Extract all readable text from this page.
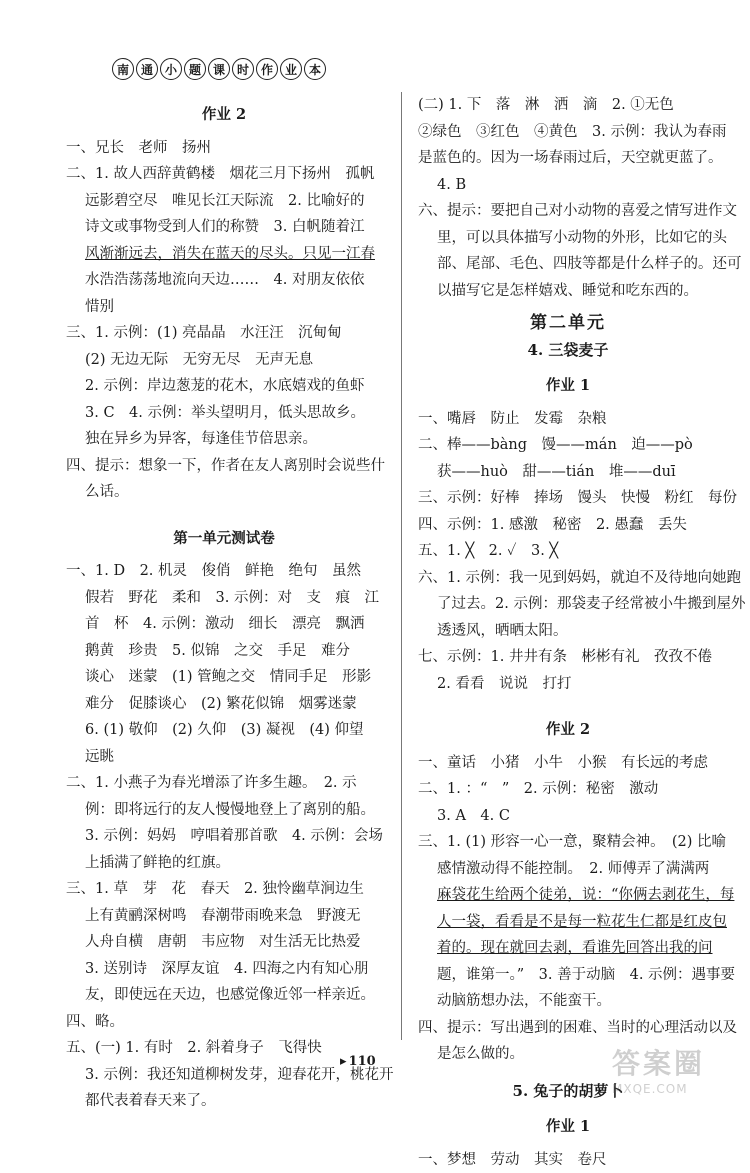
南 通 小 题 课 时 作 业 本
作业 2
一、兄长　老师　扬州
二、1. 故人西辞黄鹤楼　烟花三月下扬州　孤帆
远影碧空尽　唯见长江天际流　2. 比喻好的
诗文或事物受到人们的称赞　3. 白帆随着江
风渐渐远去，消失在蓝天的尽头。只见一江春
水浩浩荡荡地流向天边……　4. 对朋友依依
惜别
三、1. 示例：(1) 亮晶晶　水汪汪　沉甸甸
(2) 无边无际　无穷无尽　无声无息
2. 示例：岸边葱茏的花木，水底嬉戏的鱼虾
3. C　4. 示例：举头望明月，低头思故乡。
独在异乡为异客，每逢佳节倍思亲。
四、提示：想象一下，作者在友人离别时会说些什
么话。
第一单元测试卷
一、1. D　2. 机灵　俊俏　鲜艳　绝句　虽然
假若　野花　柔和　3. 示例：对　支　痕　江
首　杯　4. 示例：激动　细长　漂亮　飘洒
鹅黄　珍贵　5. 似锦　之交　手足　难分
谈心　迷蒙　(1) 管鲍之交　情同手足　形影
难分　促膝谈心　(2) 繁花似锦　烟雾迷蒙
6. (1) 敬仰　(2) 久仰　(3) 凝视　(4) 仰望
远眺
二、1. 小燕子为春光增添了许多生趣。　2. 示
例：即将远行的友人慢慢地登上了离别的船。
3. 示例：妈妈　哼唱着那首歌　4. 示例：会场
上插满了鲜艳的红旗。
三、1. 草　芽　花　春天　2. 独怜幽草涧边生
上有黄鹂深树鸣　春潮带雨晚来急　野渡无
人舟自横　唐朝　韦应物　对生活无比热爱
3. 送别诗　深厚友谊　4. 四海之内有知心朋
友，即使远在天边，也感觉像近邻一样亲近。
四、略。
五、(一) 1. 有时　2. 斜着身子　飞得快
3. 示例：我还知道柳树发芽，迎春花开，桃花开
都代表着春天来了。
(二) 1. 下　落　淋　洒　滴　2. ①无色
②绿色　③红色　④黄色　3. 示例：我认为春雨
是蓝色的。因为一场春雨过后，天空就更蓝了。
4. B
六、提示：要把自己对小动物的喜爱之情写进作文
里，可以具体描写小动物的外形，比如它的头
部、尾部、毛色、四肢等都是什么样子的。还可
以描写它是怎样嬉戏、睡觉和吃东西的。
第二单元
4. 三袋麦子
作业 1
一、嘴唇　防止　发霉　杂粮
二、棒——bàng　馒——mán　迫——pò
获——huò　甜——tián　堆——duī
三、示例：好棒　捧场　馒头　快慢　粉红　每份
四、示例：1. 感激　秘密　2. 愚蠢　丢失
五、1. ╳　2. ✓　3. ╳
六、1. 示例：我一见到妈妈，就迫不及待地向她跑
了过去。2. 示例：那袋麦子经常被小牛搬到屋外
透透风，晒晒太阳。
七、示例：1. 井井有条　彬彬有礼　孜孜不倦
2. 看看　说说　打打
作业 2
一、童话　小猪　小牛　小猴　有长远的考虑
二、1. ：“　”　2. 示例：秘密　激动
3. A　4. C
三、1. (1) 形容一心一意，聚精会神。　(2) 比喻
感情激动得不能控制。　2. 师傅弄了满满两
麻袋花生给两个徒弟，说：“你俩去剥花生，每
人一袋，看看是不是每一粒花生仁都是红皮包
着的。现在就回去剥，看谁先回答出我的问
题，谁第一。”　3. 善于动脑　4. 示例：遇事要
动脑筋想办法，不能蛮干。
四、提示：写出遇到的困难、当时的心理活动以及
是怎么做的。
5. 兔子的胡萝卜
作业 1
一、梦想　劳动　其实　卷尺
▸ 110	答案圈
MXQE.COM
